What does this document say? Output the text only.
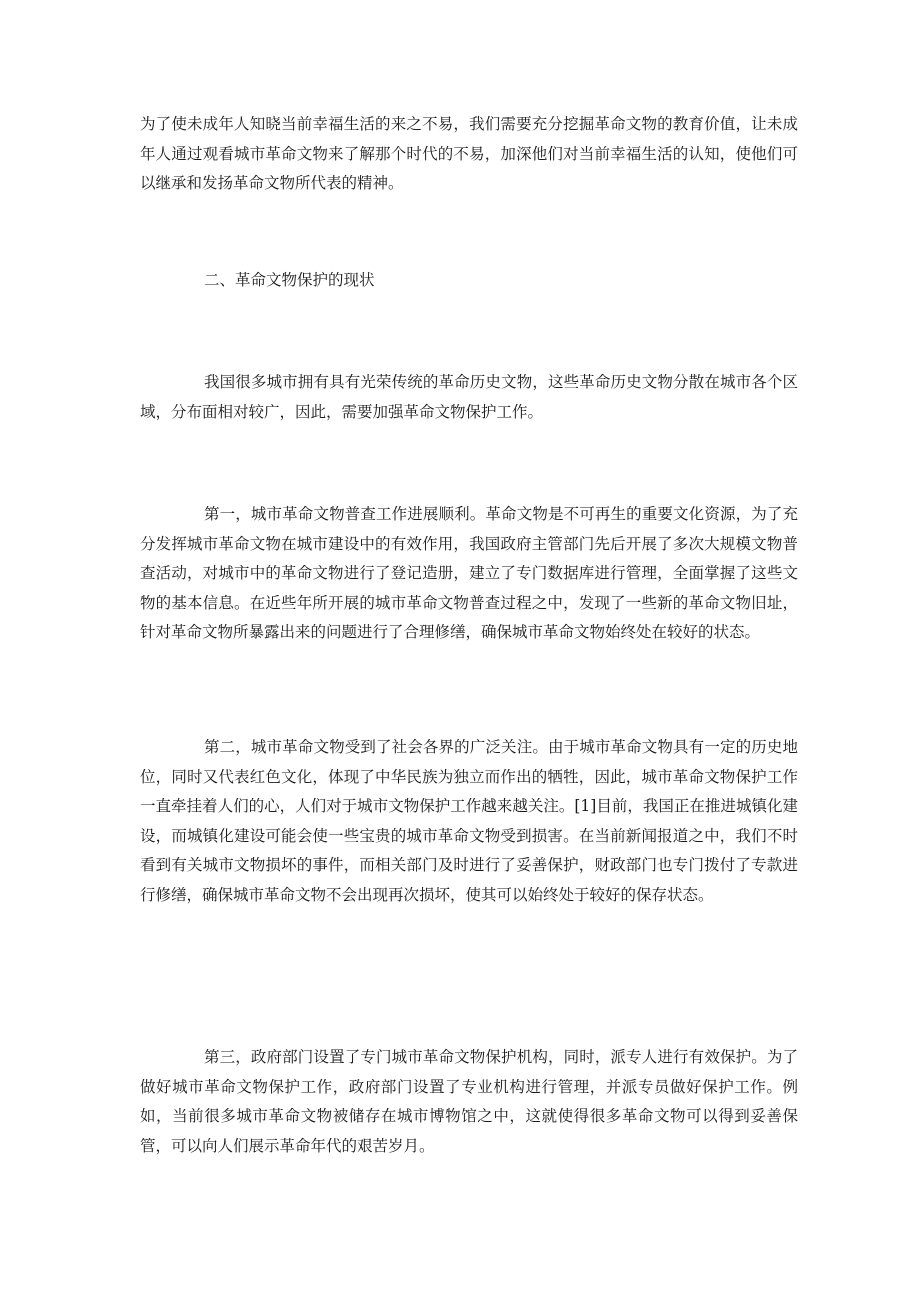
为了使未成年人知晓当前幸福生活的来之不易，我们需要充分挖掘革命文物的教育价值，让未成年人通过观看城市革命文物来了解那个时代的不易，加深他们对当前幸福生活的认知，使他们可以继承和发扬革命文物所代表的精神。

二、革命文物保护的现状

我国很多城市拥有具有光荣传统的革命历史文物，这些革命历史文物分散在城市各个区域，分布面相对较广，因此，需要加强革命文物保护工作。

第一，城市革命文物普查工作进展顺利。革命文物是不可再生的重要文化资源，为了充分发挥城市革命文物在城市建设中的有效作用，我国政府主管部门先后开展了多次大规模文物普查活动，对城市中的革命文物进行了登记造册，建立了专门数据库进行管理，全面掌握了这些文物的基本信息。在近些年所开展的城市革命文物普查过程之中，发现了一些新的革命文物旧址，针对革命文物所暴露出来的问题进行了合理修缮，确保城市革命文物始终处在较好的状态。

第二，城市革命文物受到了社会各界的广泛关注。由于城市革命文物具有一定的历史地位，同时又代表红色文化，体现了中华民族为独立而作出的牺牲，因此，城市革命文物保护工作一直牵挂着人们的心，人们对于城市文物保护工作越来越关注。[1]目前，我国正在推进城镇化建设，而城镇化建设可能会使一些宝贵的城市革命文物受到损害。在当前新闻报道之中，我们不时看到有关城市文物损坏的事件，而相关部门及时进行了妥善保护，财政部门也专门拨付了专款进行修缮，确保城市革命文物不会出现再次损坏，使其可以始终处于较好的保存状态。

第三，政府部门设置了专门城市革命文物保护机构，同时，派专人进行有效保护。为了做好城市革命文物保护工作，政府部门设置了专业机构进行管理，并派专员做好保护工作。例如，当前很多城市革命文物被储存在城市博物馆之中，这就使得很多革命文物可以得到妥善保管，可以向人们展示革命年代的艰苦岁月。
